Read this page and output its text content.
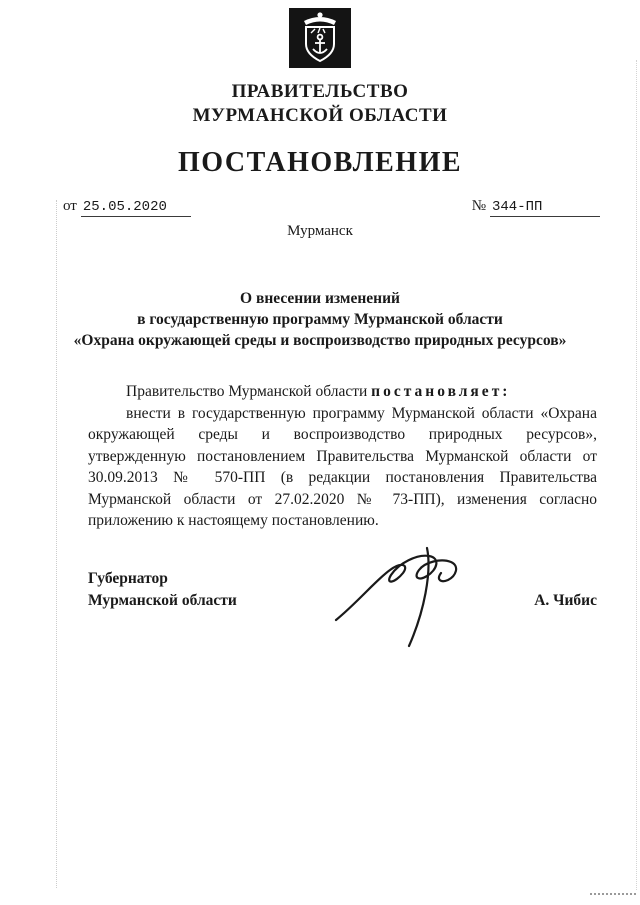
ПРАВИТЕЛЬСТВО
МУРМАНСКОЙ ОБЛАСТИ
ПОСТАНОВЛЕНИЕ
от 25.05.2020	№ 344-ПП
Мурманск
О внесении изменений
в государственную программу Мурманской области
«Охрана окружающей среды и воспроизводство природных ресурсов»

Правительство Мурманской области постановляет:

внести в государственную программу Мурманской области «Охрана окружающей среды и воспроизводство природных ресурсов», утвержденную постановлением Правительства Мурманской области от 30.09.2013 № 570-ПП (в редакции постановления Правительства Мурманской области от 27.02.2020 № 73-ПП), изменения согласно приложению к настоящему постановлению.

Губернатор
Мурманской области	А. Чибис
